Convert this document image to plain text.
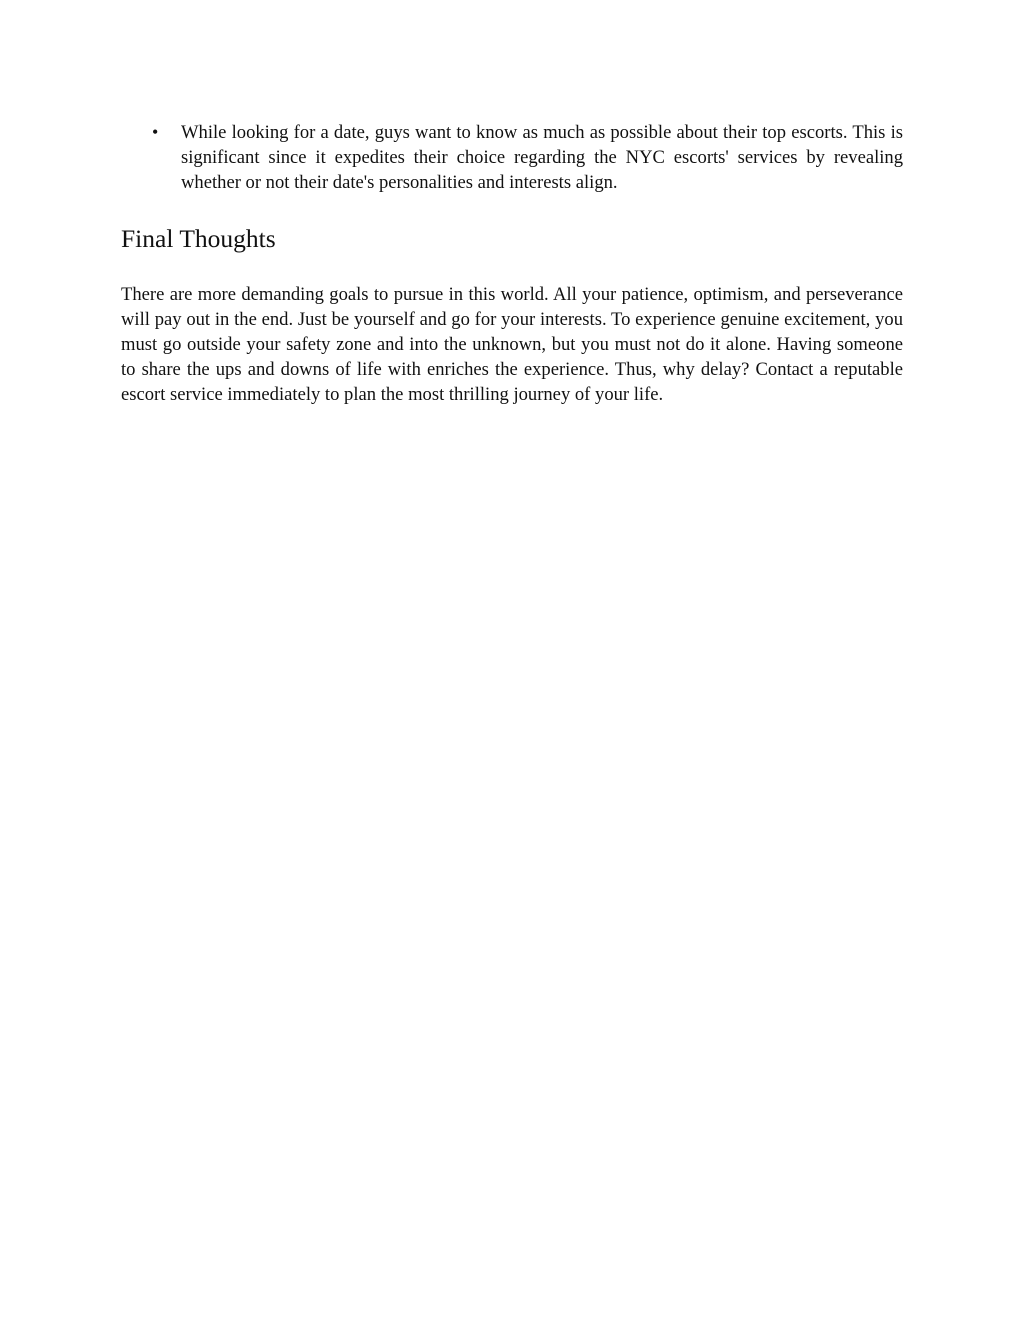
• While looking for a date, guys want to know as much as possible about their top escorts. This is significant since it expedites their choice regarding the NYC escorts' services by revealing whether or not their date's personalities and interests align.
Final Thoughts

There are more demanding goals to pursue in this world. All your patience, optimism, and perseverance will pay out in the end. Just be yourself and go for your interests. To experience genuine excitement, you must go outside your safety zone and into the unknown, but you must not do it alone. Having someone to share the ups and downs of life with enriches the experience. Thus, why delay? Contact a reputable escort service immediately to plan the most thrilling journey of your life.
